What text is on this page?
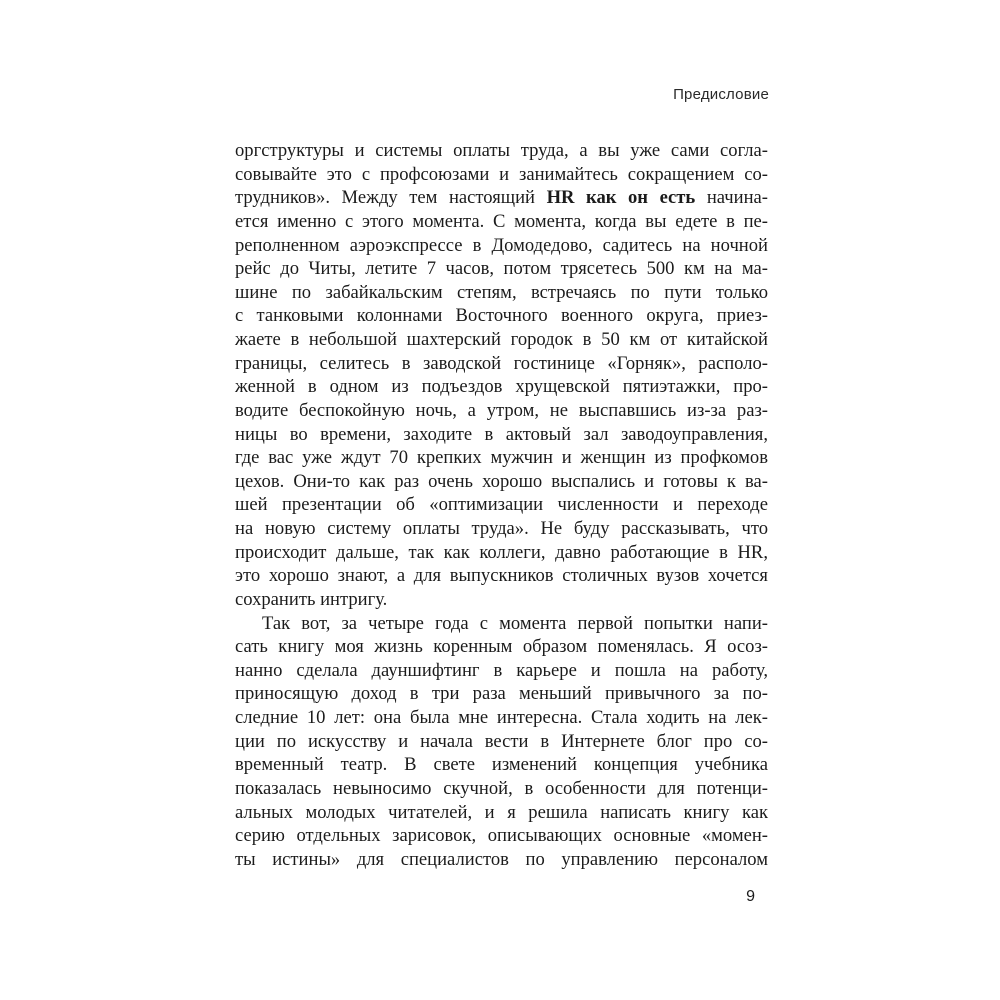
Предисловие
оргструктуры и системы оплаты труда, а вы уже сами согла-
совывайте это с профсоюзами и занимайтесь сокращением со-
трудников». Между тем настоящий HR как он есть начина-
ется именно с этого момента. С момента, когда вы едете в пе-
реполненном аэроэкспрессе в Домодедово, садитесь на ночной
рейс до Читы, летите 7 часов, потом трясетесь 500 км на ма-
шине по забайкальским степям, встречаясь по пути только
с танковыми колоннами Восточного военного округа, приез-
жаете в небольшой шахтерский городок в 50 км от китайской
границы, селитесь в заводской гостинице «Горняк», располо-
женной в одном из подъездов хрущевской пятиэтажки, про-
водите беспокойную ночь, а утром, не выспавшись из-за раз-
ницы во времени, заходите в актовый зал заводоуправления,
где вас уже ждут 70 крепких мужчин и женщин из профкомов
цехов. Они-то как раз очень хорошо выспались и готовы к ва-
шей презентации об «оптимизации численности и переходе
на новую систему оплаты труда». Не буду рассказывать, что
происходит дальше, так как коллеги, давно работающие в HR,
это хорошо знают, а для выпускников столичных вузов хочется
сохранить интригу.
Так вот, за четыре года с момента первой попытки напи-
сать книгу моя жизнь коренным образом поменялась. Я осоз-
нанно сделала дауншифтинг в карьере и пошла на работу,
приносящую доход в три раза меньший привычного за по-
следние 10 лет: она была мне интересна. Стала ходить на лек-
ции по искусству и начала вести в Интернете блог про со-
временный театр. В свете изменений концепция учебника
показалась невыносимо скучной, в особенности для потенци-
альных молодых читателей, и я решила написать книгу как
серию отдельных зарисовок, описывающих основные «момен-
ты истины» для специалистов по управлению персоналом
9
